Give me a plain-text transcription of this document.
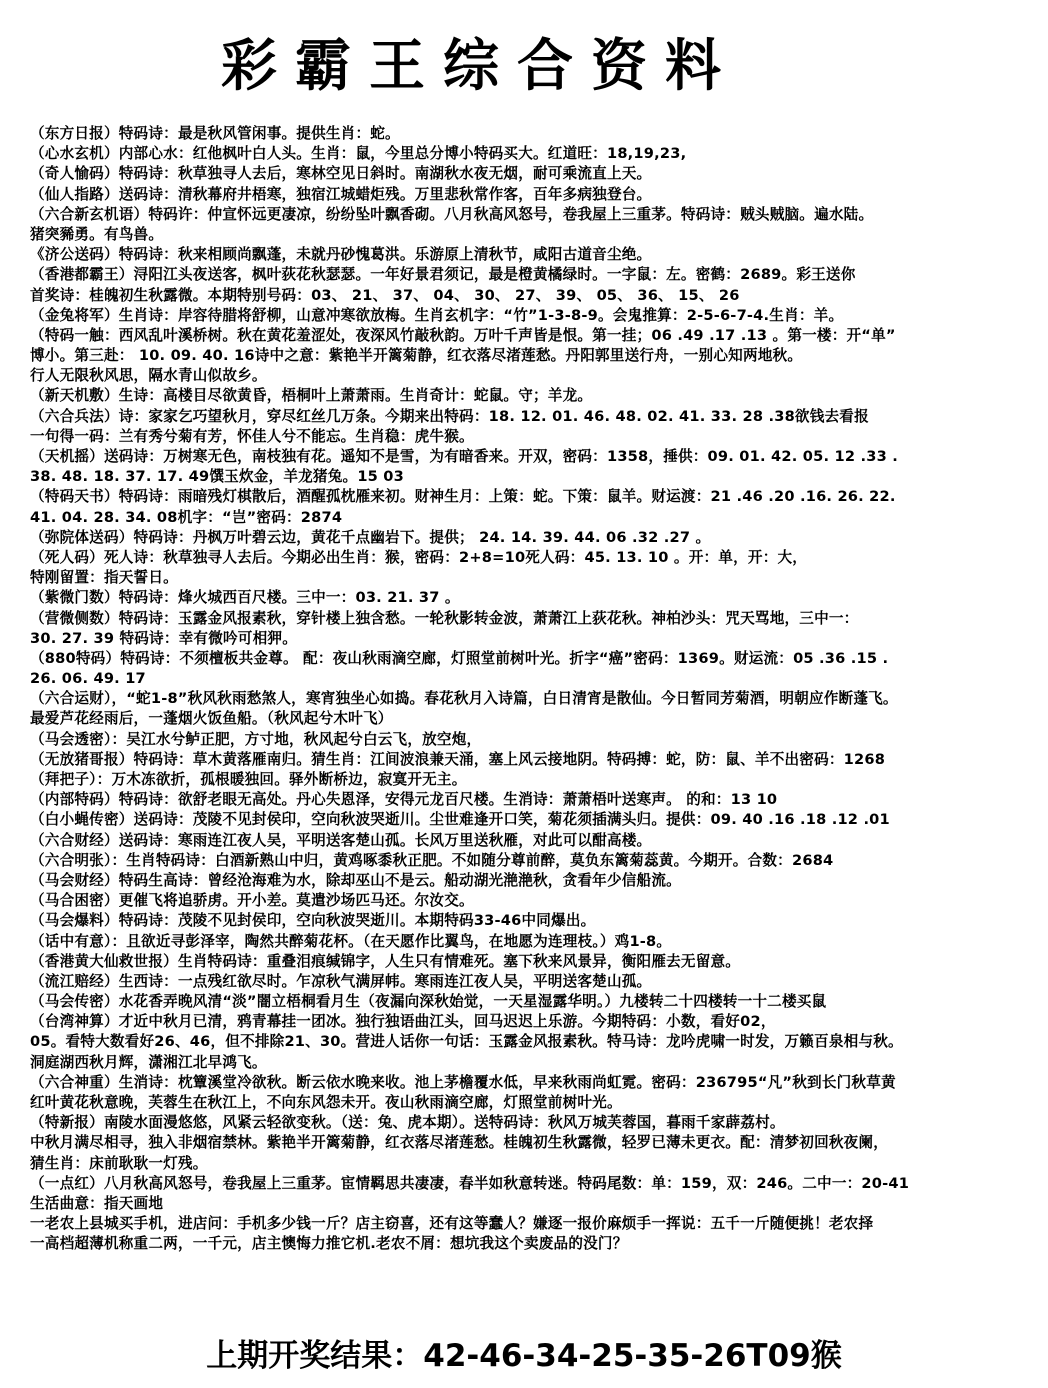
彩霸王综合资料
（东方日报）特码诗：最是秋风管闲事。提供生肖：蛇。
（心水玄机）内部心水：红他枫叶白人头。生肖：鼠，今里总分博小特码买大。红道旺：18,19,23,
（奇人愉码）特码诗：秋草独寻人去后，寒林空见日斜时。南湖秋水夜无烟，耐可乘流直上天。
（仙人指路）送码诗：清秋幕府井梧寒，独宿江城蜡炬残。万里悲秋常作客，百年多病独登台。
（六合新玄机语）特码许：仲宣怀远更凄凉，纷纷坠叶飘香砌。八月秋高风怒号，卷我屋上三重茅。特码诗：贼头贼脑。遍水陆。
猪突豨勇。有鸟兽。
《济公送码）特码诗：秋来相顾尚飘蓬，未就丹砂愧葛洪。乐游原上清秋节，咸阳古道音尘绝。
（香港都霸王）浔阳江头夜送客，枫叶荻花秋瑟瑟。一年好景君须记，最是橙黄橘绿时。一字鼠：左。密鹤：2689。彩王送你
首奖诗：桂魄初生秋露微。本期特别号码：03、 21、 37、 04、 30、 27、 39、 05、 36、 15、 26
（金兔将军）生肖诗：岸容待腊将舒柳，山意冲寒欲放梅。生肖玄机字：“竹”1-3-8-9。会鬼推算：2-5-6-7-4.生肖：羊。
（特码一触：西风乱叶溪桥树。秋在黄花羞涩处，夜深风竹敲秋韵。万叶千声皆是恨。第一挂；06 .49 .17 .13 。第一楼：开“单”
博小。第三赴： 10. 09. 40. 16诗中之意：紫艳半开篱菊静，红衣落尽渚莲愁。丹阳郭里送行舟，一别心知两地秋。
行人无限秋风思，隔水青山似故乡。
（新天机敷）生诗：高楼目尽欲黄昏，梧桐叶上萧萧雨。生肖奇计：蛇鼠。守；羊龙。
（六合兵法）诗：家家乞巧望秋月，穿尽红丝几万条。今期来出特码：18. 12. 01. 46. 48. 02. 41. 33. 28 .38欲钱去看报
一句得一码：兰有秀兮菊有芳，怀佳人兮不能忘。生肖稳：虎牛猴。
（天机摇）送码诗：万树寒无色，南枝独有花。遥知不是雪，为有暗香来。开双，密码：1358，捶供：09. 01. 42. 05. 12 .33 .
38. 48. 18. 37. 17. 49馔玉炊金，羊龙猪兔。15 03
（特码天书）特码诗：雨暗残灯棋散后，酒醒孤枕雁来初。财神生月：上策：蛇。下策：鼠羊。财运渡：21 .46 .20 .16. 26. 22.
41. 04. 28. 34. 08机字：“岂”密码：2874
（弥院体送码）特码诗：丹枫万叶碧云边，黄花千点幽岩下。提供； 24. 14. 39. 44. 06 .32 .27 。
（死人码）死人诗：秋草独寻人去后。今期必出生肖：猴，密码：2+8=10死人码：45. 13. 10 。开：单，开：大，
特刚留置：指天誓日。
（紫微门数）特码诗：烽火城西百尺楼。三中一：03. 21. 37 。
（营微侧数）特码诗：玉露金风报素秋，穿针楼上独含愁。一轮秋影转金波，萧萧江上荻花秋。神柏沙头：咒天骂地，三中一：
30. 27. 39 特码诗：幸有微吟可相狎。
（880特码）特码诗：不须檀板共金尊。 配：夜山秋雨滴空廊，灯照堂前树叶光。折字“癌”密码：1369。财运流：05 .36 .15 .
26. 06. 49. 17
（六合运财），“蛇1-8”秋风秋雨愁煞人，寒宵独坐心如捣。春花秋月入诗篇，白日清宵是散仙。今日暂同芳菊酒，明朝应作断蓬飞。
最爱芦花经雨后，一蓬烟火饭鱼船。（秋风起兮木叶飞）
（马会透密）：吴江水兮鲈正肥，方寸地，秋风起兮白云飞，放空炮，
（无放猪哥报）特码诗：草木黄落雁南归。猜生肖：江间波浪兼天涌，塞上风云接地阴。特码搏：蛇，防：鼠、羊不出密码：1268
（拜把子）：万木冻欲折，孤根暖独回。驿外断桥边，寂寞开无主。
（内部特码）特码诗：欲舒老眼无高处。丹心失恩泽，安得元龙百尺楼。生消诗：萧萧梧叶送寒声。 的和：13 10
（白小蝇传密）送码诗：茂陵不见封侯印，空向秋波哭逝川。尘世难逢开口笑，菊花须插满头归。提供：09. 40 .16 .18 .12 .01
（六合财经）送码诗：寒雨连江夜人吴，平明送客楚山孤。长风万里送秋雁，对此可以酣高楼。
（六合明张）：生肖特码诗：白酒新熟山中归，黄鸡啄黍秋正肥。不如随分尊前醉，莫负东篱菊蕊黄。今期开。合数：2684
（马会财经）特码生高诗：曾经沧海难为水，除却巫山不是云。船动湖光滟滟秋，贪看年少信船流。
（马合困密）更催飞将追骄虏。开小差。莫遣沙场匹马还。尔汝交。
（马会爆料）特码诗：茂陵不见封侯印，空向秋波哭逝川。本期特码33-46中同爆出。
（话中有意）：且欲近寻彭泽宰，陶然共醉菊花杯。（在天愿作比翼鸟，在地愿为连理枝。）鸡1-8。
（香港黄大仙救世报）生肖特码诗：重叠泪痕缄锦字，人生只有情难死。塞下秋来风景异，衡阳雁去无留意。
（流江赔经）生西诗：一点残红欲尽时。乍凉秋气满屏帏。寒雨连江夜人吴，平明送客楚山孤。
（马会传密）水花香弄晚风清“淡”闇立梧桐看月生（夜漏向深秋始觉，一天星湿露华明。）九楼转二十四楼转一十二楼买鼠
（台湾神算）才近中秋月已清，鸦青幕挂一团冰。独行独语曲江头，回马迟迟上乐游。今期特码：小数，看好02，
05。看特大数看好26、46，但不排除21、30。营进人话你一句话：玉露金风报素秋。特马诗：龙吟虎啸一时发，万籁百泉相与秋。
洞庭湖西秋月辉，潇湘江北早鸿飞。
（六合神重）生消诗：枕簟溪堂冷欲秋。断云依水晚来收。池上茅檐覆水低，早来秋雨尚虹霓。密码：236795“凡”秋到长门秋草黄
红叶黄花秋意晚，芙蓉生在秋江上，不向东风怨未开。夜山秋雨滴空廊，灯照堂前树叶光。
（特新报）南陵水面漫悠悠，风紧云轻欲变秋。（送：兔、虎本期）。送特码诗：秋风万城芙蓉国，暮雨千家薜荔村。
中秋月满尽相寻，独入非烟宿禁林。紫艳半开篱菊静，红衣落尽渚莲愁。桂魄初生秋露微，轻罗已薄未更衣。配：清梦初回秋夜阑，
猜生肖：床前耿耿一灯残。
（一点红）八月秋高风怒号，卷我屋上三重茅。宦情羁思共凄凄，春半如秋意转迷。特码尾数：单：159，双：246。二中一：20-41
生活曲意：指天画地
一老农上县城买手机，进店问：手机多少钱一斤？店主窃喜，还有这等蠢人？嫌逐一报价麻烦手一挥说：五千一斤随便挑！老农择
一高档超薄机称重二两，一千元，店主懊悔力推它机.老农不屑：想坑我这个卖废品的没门？
上期开奖结果：42-46-34-25-35-26T09猴
